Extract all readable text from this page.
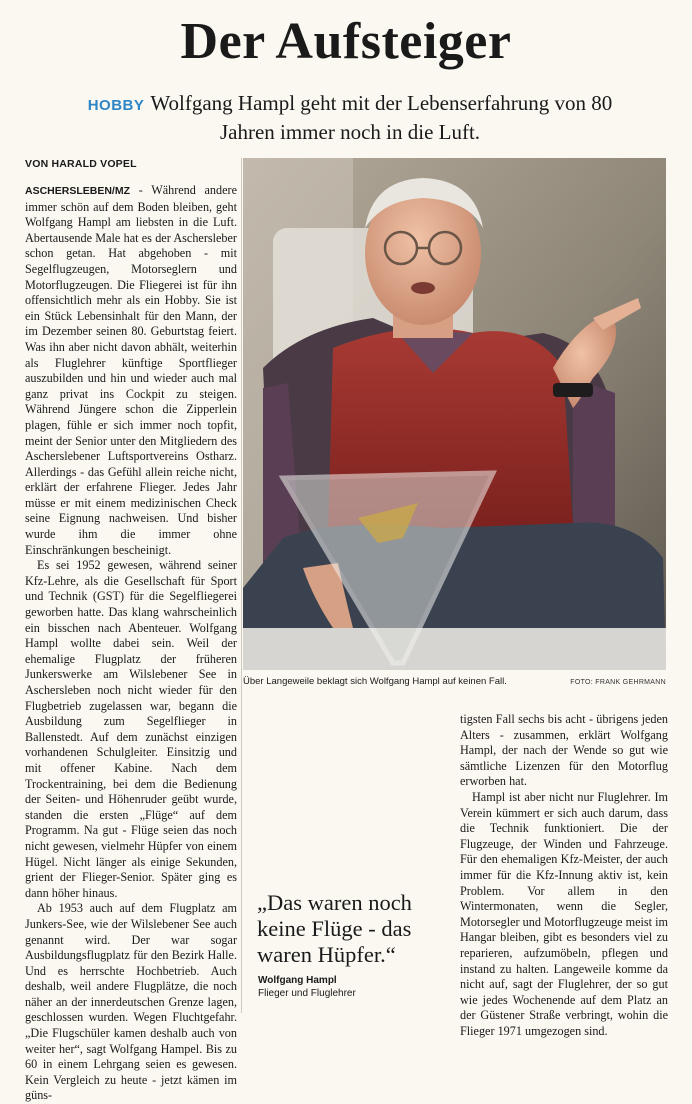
Der Aufsteiger
HOBBY Wolfgang Hampl geht mit der Lebenserfahrung von 80 Jahren immer noch in die Luft.
VON HARALD VOPEL

ASCHERSLEBEN/MZ - Während andere immer schön auf dem Boden bleiben, geht Wolfgang Hampl am liebsten in die Luft. Abertausende Male hat es der Aschersleber schon getan. Hat abgehoben - mit Segelflugzeugen, Motorseglern und Motorflugzeugen. Die Fliegerei ist für ihn offensichtlich mehr als ein Hobby. Sie ist ein Stück Lebensinhalt für den Mann, der im Dezember seinen 80. Geburtstag feiert. Was ihn aber nicht davon abhält, weiterhin als Fluglehrer künftige Sportflieger auszubilden und hin und wieder auch mal ganz privat ins Cockpit zu steigen. Während Jüngere schon die Zipperlein plagen, fühle er sich immer noch topfit, meint der Senior unter den Mitgliedern des Ascherslebener Luftsportvereins Ostharz. Allerdings - das Gefühl allein reiche nicht, erklärt der erfahrene Flieger. Jedes Jahr müsse er mit einem medizinischen Check seine Eignung nachweisen. Und bisher wurde ihm die immer ohne Einschränkungen bescheinigt.

Es sei 1952 gewesen, während seiner Kfz-Lehre, als die Gesellschaft für Sport und Technik (GST) für die Segelfliegerei geworben hatte. Das klang wahrscheinlich ein bisschen nach Abenteuer. Wolfgang Hampl wollte dabei sein. Weil der ehemalige Flugplatz der früheren Junkerswerke am Wilslebener See in Aschersleben noch nicht wieder für den Flugbetrieb zugelassen war, begann die Ausbildung zum Segelflieger in Ballenstedt. Auf dem zunächst einzigen vorhandenen Schulgleiter. Einsitzig und mit offener Kabine. Nach dem Trockentraining, bei dem die Bedienung der Seiten- und Höhenruder geübt wurde, standen die ersten „Flüge“ auf dem Programm. Na gut - Flüge seien das noch nicht gewesen, vielmehr Hüpfer von einem Hügel. Nicht länger als einige Sekunden, grient der Flieger-Senior. Später ging es dann höher hinaus.

Ab 1953 auch auf dem Flugplatz am Junkers-See, wie der Wilslebener See auch genannt wird. Der war sogar Ausbildungsflugplatz für den Bezirk Halle. Und es herrschte Hochbetrieb. Auch deshalb, weil andere Flugplätze, die noch näher an der innerdeutschen Grenze lagen, geschlossen wurden. Wegen Fluchtgefahr. „Die Flugschüler kamen deshalb auch von weiter her“, sagt Wolfgang Hampel. Bis zu 60 in einem Lehrgang seien es gewesen. Kein Vergleich zu heute - jetzt kämen im güns-

Über Langeweile beklagt sich Wolfgang Hampl auf keinen Fall.	FOTO: FRANK GEHRMANN

tigsten Fall sechs bis acht - übrigens jeden Alters - zusammen, erklärt Wolfgang Hampl, der nach der Wende so gut wie sämtliche Lizenzen für den Motorflug erworben hat.

Hampl ist aber nicht nur Fluglehrer. Im Verein kümmert er sich auch darum, dass die Technik funktioniert. Die der Flugzeuge, der Winden und Fahrzeuge. Für den ehemaligen Kfz-Meister, der auch immer für die Kfz-Innung aktiv ist, kein Problem. Vor allem in den Wintermonaten, wenn die Segler, Motorsegler und Motorflugzeuge meist im Hangar bleiben, gibt es besonders viel zu reparieren, aufzumöbeln, pflegen und instand zu halten. Langeweile komme da nicht auf, sagt der Fluglehrer, der so gut wie jedes Wochenende auf dem Platz an der Güstener Straße verbringt, wohin die Flieger 1971 umgezogen sind.

„Das waren noch keine Flüge - das waren Hüpfer.“
Wolfgang Hampl
Flieger und Fluglehrer
